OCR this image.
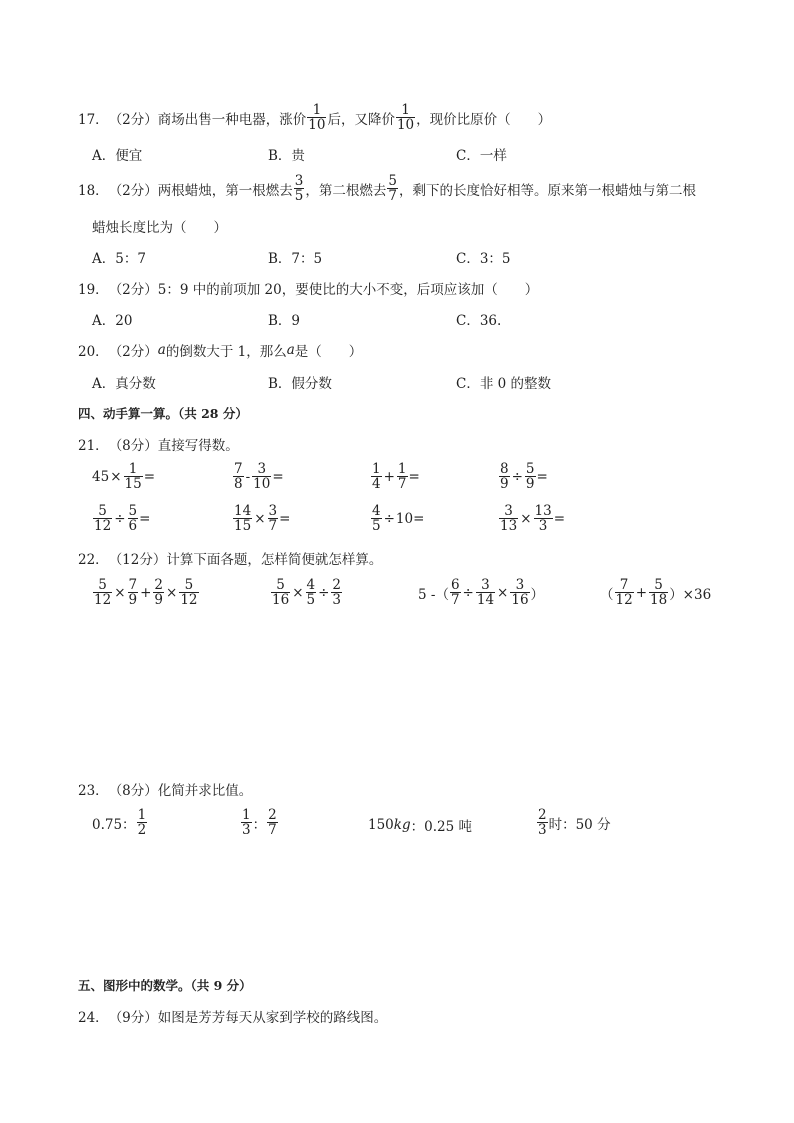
17． （2分） 商场出售一种电器，涨价 $\frac{1}{10}$ 后，又降价 $\frac{1}{10}$ ，现价比原价（　　）
A．便宜	B．贵	C．一样
18． （2分） 两根蜡烛，第一根燃去 $\frac{3}{5}$ ，第二根燃去 $\frac{5}{7}$ ，剩下的长度恰好相等。原来第一根蜡烛与第二根
蜡烛长度比为（　　）
A．5：7	B．7：5	C．3：5
19． （2分） 5：9 中的前项加 20，要使比的大小不变，后项应该加（　　）
A．20	B．9	C．36.
20． （2分） a 的倒数大于 1，那么 a 是（　　）
A．真分数	B．假分数	C．非 0 的整数
四、动手算一算。（共 28 分）
21． （8分） 直接写得数。
$45 \times \frac{1}{15}$ =	$\frac{7}{8} - \frac{3}{10}$ =	$\frac{1}{4} + \frac{1}{7}$ =	$\frac{8}{9} \div \frac{5}{9}$ =
$\frac{5}{12} \div \frac{5}{6}$ =	$\frac{14}{15} \times \frac{3}{7}$ =	$\frac{4}{5} \div 10$ =	$\frac{3}{13} \times \frac{13}{3}$ =
22． （12分） 计算下面各题，怎样简便就怎样算。
$\frac{5}{12} \times \frac{7}{9} + \frac{2}{9} \times \frac{5}{12}$	$\frac{5}{16} \times \frac{4}{5} \div \frac{2}{3}$	5 -（ $\frac{6}{7} \div \frac{3}{14} \times \frac{3}{16}$ ）	（ $\frac{7}{12} + \frac{5}{18} )\times 36$
23． （8分） 化简并求比值。
0.75： $\frac{1}{2}$	$\frac{1}{3}$ ： $\frac{2}{7}$	150 kg ：0.25 吨	$\frac{2}{3}$ 时：50 分
五、图形中的数学。（共 9 分）
24． （9分） 如图是芳芳每天从家到学校的路线图。
